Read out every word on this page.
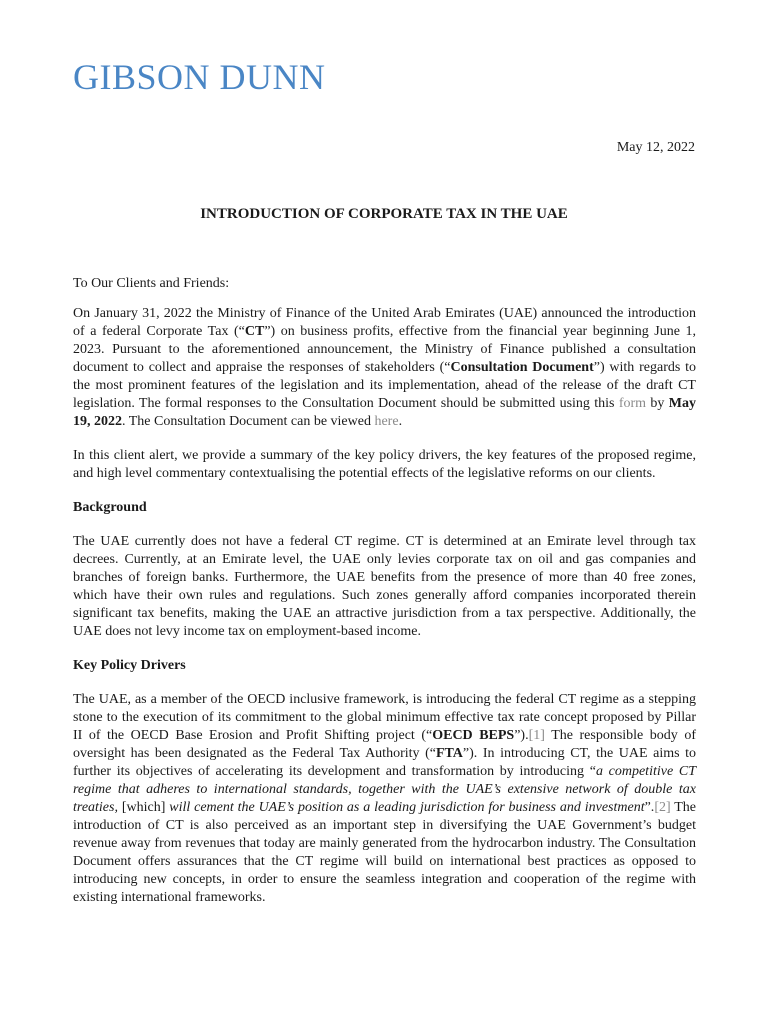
GIBSON DUNN
May 12, 2022
INTRODUCTION OF CORPORATE TAX IN THE UAE

To Our Clients and Friends:

On January 31, 2022 the Ministry of Finance of the United Arab Emirates (UAE) announced the introduction of a federal Corporate Tax (“CT”) on business profits, effective from the financial year beginning June 1, 2023. Pursuant to the aforementioned announcement, the Ministry of Finance published a consultation document to collect and appraise the responses of stakeholders (“Consultation Document”) with regards to the most prominent features of the legislation and its implementation, ahead of the release of the draft CT legislation. The formal responses to the Consultation Document should be submitted using this form by May 19, 2022. The Consultation Document can be viewed here.

In this client alert, we provide a summary of the key policy drivers, the key features of the proposed regime, and high level commentary contextualising the potential effects of the legislative reforms on our clients.

Background

The UAE currently does not have a federal CT regime. CT is determined at an Emirate level through tax decrees. Currently, at an Emirate level, the UAE only levies corporate tax on oil and gas companies and branches of foreign banks. Furthermore, the UAE benefits from the presence of more than 40 free zones, which have their own rules and regulations. Such zones generally afford companies incorporated therein significant tax benefits, making the UAE an attractive jurisdiction from a tax perspective. Additionally, the UAE does not levy income tax on employment-based income.

Key Policy Drivers

The UAE, as a member of the OECD inclusive framework, is introducing the federal CT regime as a stepping stone to the execution of its commitment to the global minimum effective tax rate concept proposed by Pillar II of the OECD Base Erosion and Profit Shifting project (“OECD BEPS”).[1] The responsible body of oversight has been designated as the Federal Tax Authority (“FTA”). In introducing CT, the UAE aims to further its objectives of accelerating its development and transformation by introducing “a competitive CT regime that adheres to international standards, together with the UAE’s extensive network of double tax treaties, [which] will cement the UAE’s position as a leading jurisdiction for business and investment”.[2] The introduction of CT is also perceived as an important step in diversifying the UAE Government’s budget revenue away from revenues that today are mainly generated from the hydrocarbon industry. The Consultation Document offers assurances that the CT regime will build on international best practices as opposed to introducing new concepts, in order to ensure the seamless integration and cooperation of the regime with existing international frameworks.
